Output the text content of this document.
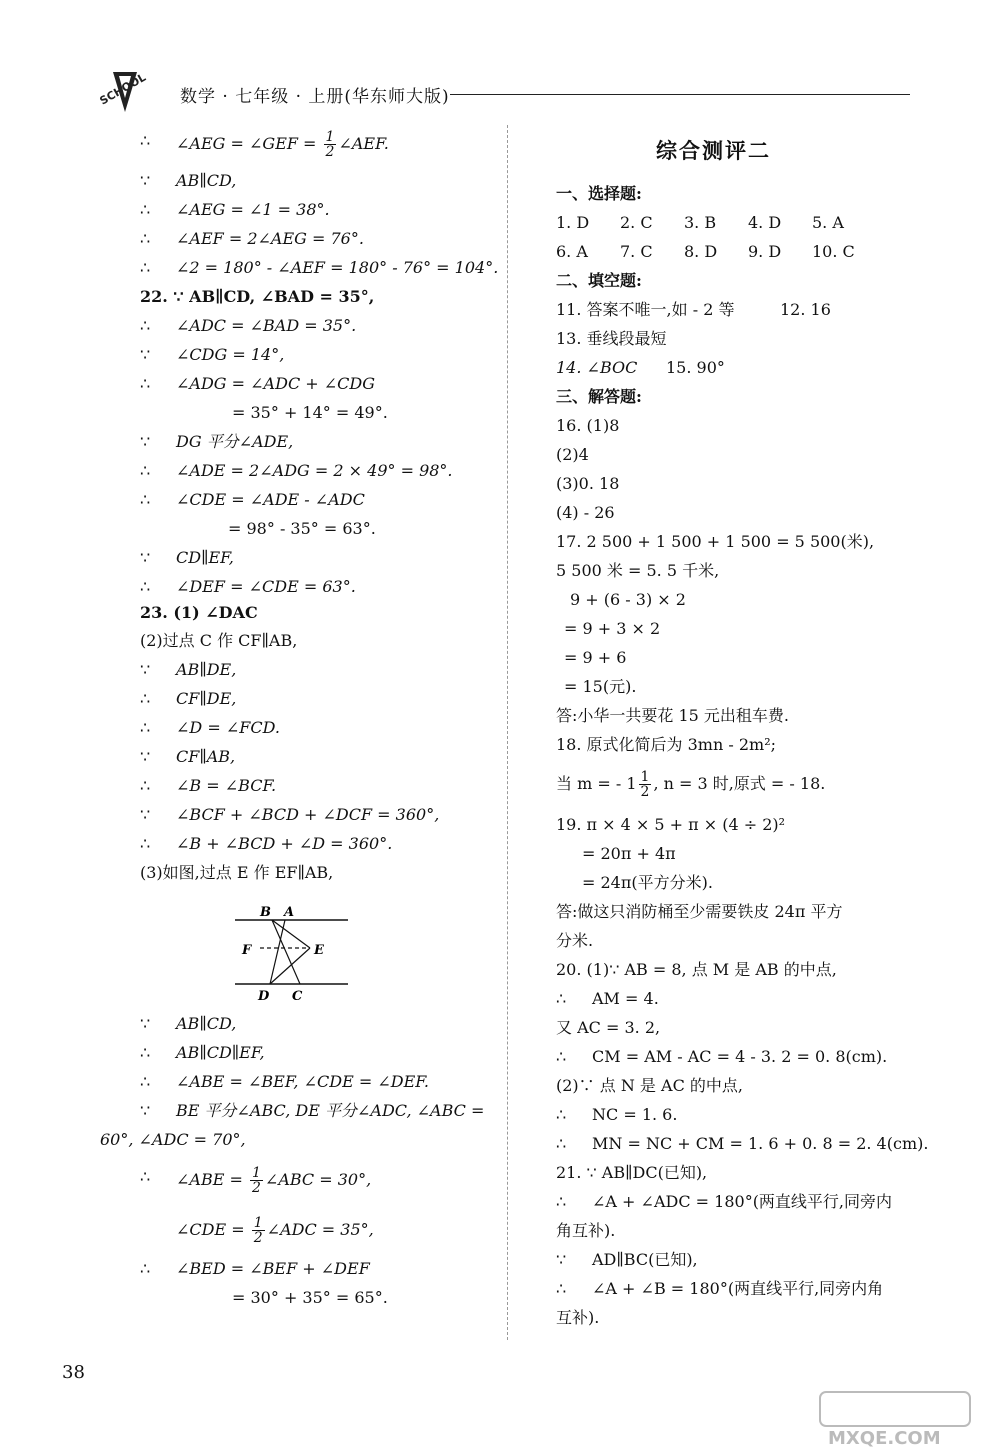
SCHOOL 数学 · 七年级 · 上册(华东师大版)
∴ ∠AEG = ∠GEF = $\frac{1}{2}$ ∠AEF.
∵ AB∥CD,
∴ ∠AEG = ∠1 = 38°.
∴ ∠AEF = 2∠AEG = 76°.
∴ ∠2 = 180° - ∠AEF = 180° - 76° = 104°.
22. ∵ AB∥CD, ∠BAD = 35°,
∴ ∠ADC = ∠BAD = 35°.
∵ ∠CDG = 14°,
∴ ∠ADG = ∠ADC + ∠CDG
= 35° + 14° = 49°.
∵ DG 平分∠ADE,
∴ ∠ADE = 2∠ADG = 2 × 49° = 98°.
∴ ∠CDE = ∠ADE - ∠ADC
= 98° - 35° = 63°.
∵ CD∥EF,
∴ ∠DEF = ∠CDE = 63°.
23. (1) ∠DAC
(2)过点 C 作 CF∥AB,
∵ AB∥DE,
∴ CF∥DE,
∴ ∠D = ∠FCD.
∵ CF∥AB,
∴ ∠B = ∠BCF.
∵ ∠BCF + ∠BCD + ∠DCF = 360°,
∴ ∠B + ∠BCD + ∠D = 360°.
(3)如图,过点 E 作 EF∥AB,
∵ AB∥CD,
∴ AB∥CD∥EF,
∴ ∠ABE = ∠BEF, ∠CDE = ∠DEF.
∵ BE 平分∠ABC, DE 平分∠ADC, ∠ABC =
60°, ∠ADC = 70°,
∴ ∠ABE = $\frac{1}{2}$ ∠ABC = 30°,
∠CDE = $\frac{1}{2}$ ∠ADC = 35°,
∴ ∠BED = ∠BEF + ∠DEF
= 30° + 35° = 65°.
B A
F	E
D C
综合测评二
一、选择题:
1. D 2. C 3. B 4. D 5. A
6. A 7. C 8. D 9. D 10. C
二、填空题:
11. 答案不唯一,如 - 2 等	12. 16
13. 垂线段最短
14. ∠BOC 15. 90°
三、解答题:
16. (1)8
(2)4
(3)0. 18
(4) - 26
17. 2 500 + 1 500 + 1 500 = 5 500(米),
5 500 米 = 5. 5 千米,
9 + (6 - 3) × 2
= 9 + 3 × 2
= 9 + 6
= 15(元).
答:小华一共要花 15 元出租车费.
18. 原式化简后为 3mn - 2m²;
当 m = - $1 \frac{1}{2}$ , n = 3 时,原式 = - 18.
19. π × 4 × 5 + π × (4 ÷ 2)²
= 20π + 4π
= 24π(平方分米).
答:做这只消防桶至少需要铁皮 24π 平方
分米.
20. (1)∵ AB = 8, 点 M 是 AB 的中点,
∴ AM = 4.
又 AC = 3. 2,
∴ CM = AM - AC = 4 - 3. 2 = 0. 8(cm).
(2)∵ 点 N 是 AC 的中点,
∴ NC = 1. 6.
∴ MN = NC + CM = 1. 6 + 0. 8 = 2. 4(cm).
21. ∵ AB∥DC(已知),
∴ ∠A + ∠ADC = 180°(两直线平行,同旁内
角互补).
∵ AD∥BC(已知),
∴ ∠A + ∠B = 180°(两直线平行,同旁内角
互补).
38
MXQE.COM
